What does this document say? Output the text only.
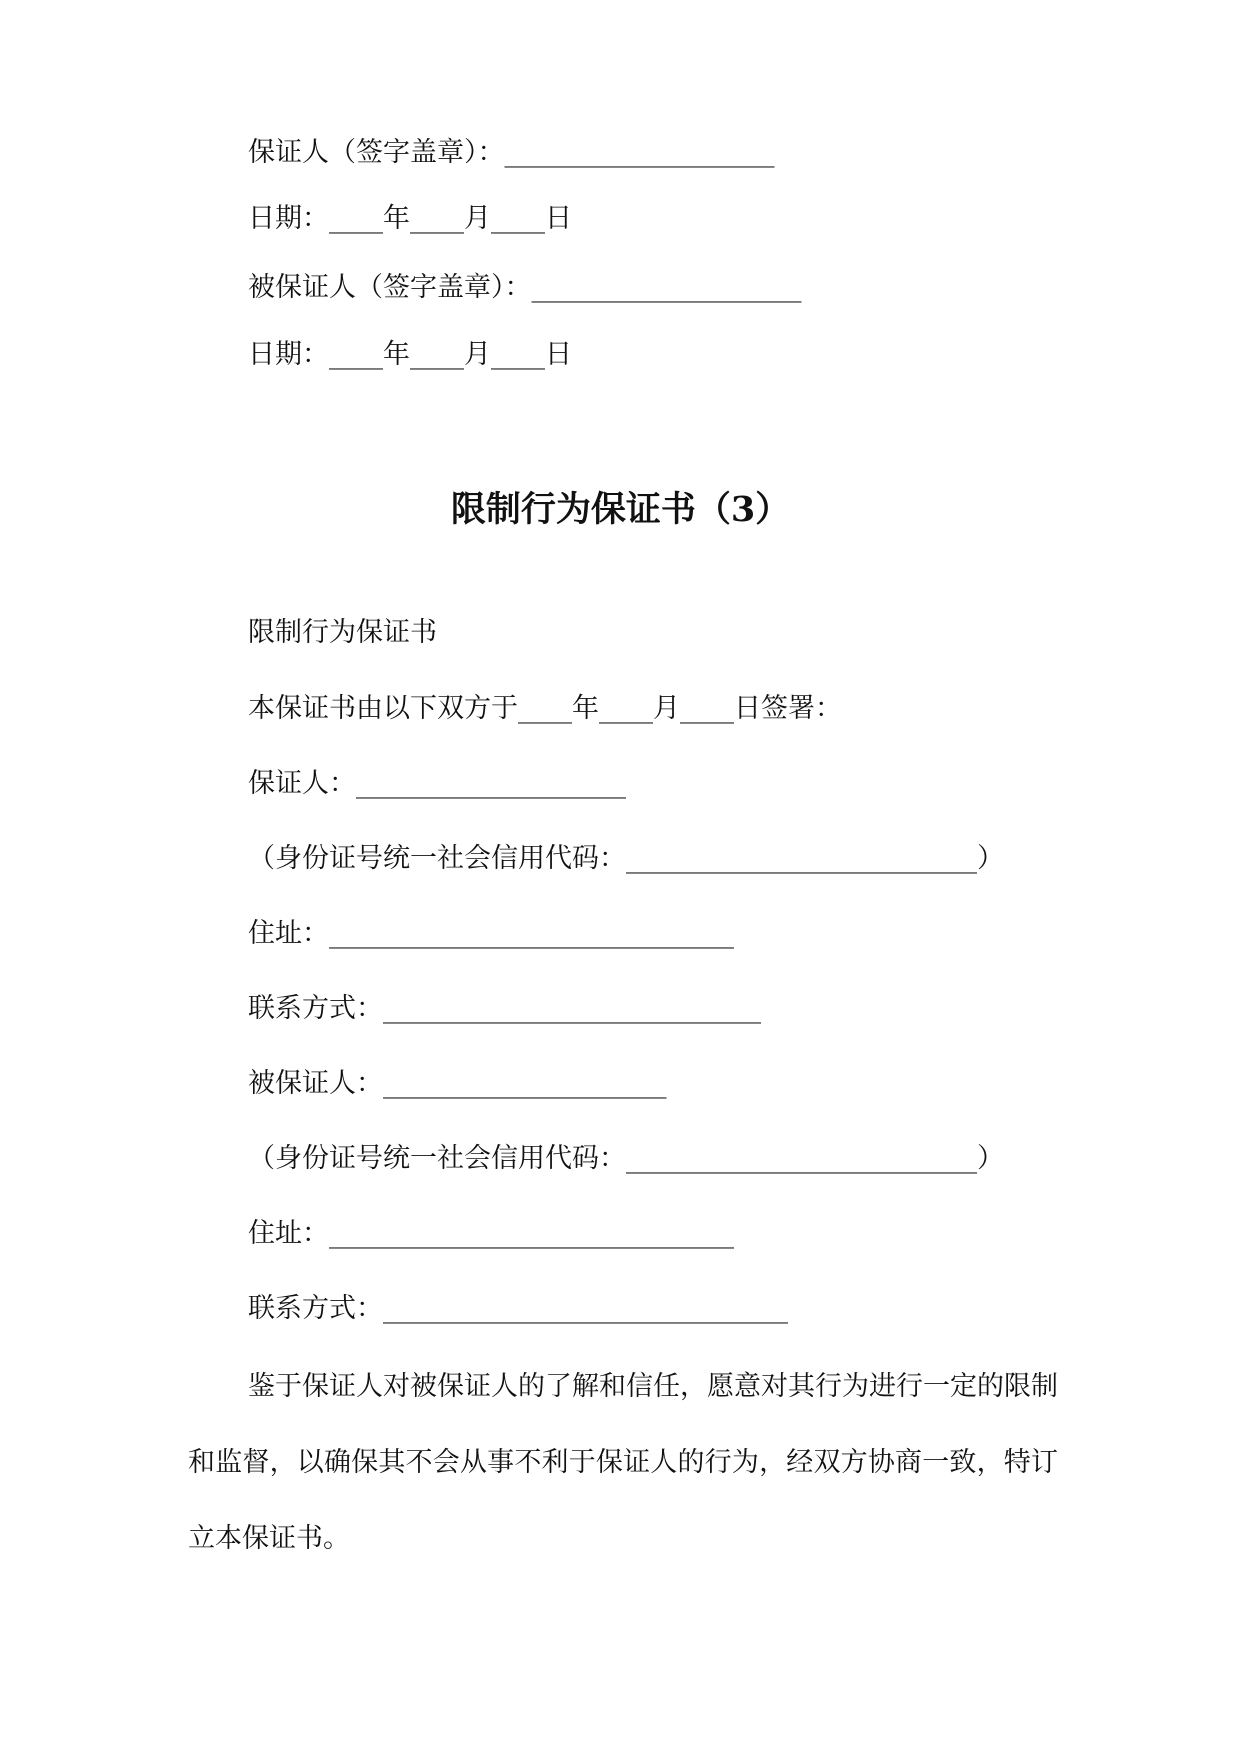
保证人（签字盖章）：____________________
日期：____年____月____日
被保证人（签字盖章）：____________________
日期：____年____月____日
限制行为保证书（3）
限制行为保证书
本保证书由以下双方于____年____月____日签署：
保证人：____________________
（身份证号统一社会信用代码：__________________________）
住址：______________________________
联系方式：____________________________
被保证人：_____________________
（身份证号统一社会信用代码：__________________________）
住址：______________________________
联系方式：______________________________
鉴于保证人对被保证人的了解和信任，愿意对其行为进行一定的限制和监督，以确保其不会从事不利于保证人的行为，经双方协商一致，特订立本保证书。
